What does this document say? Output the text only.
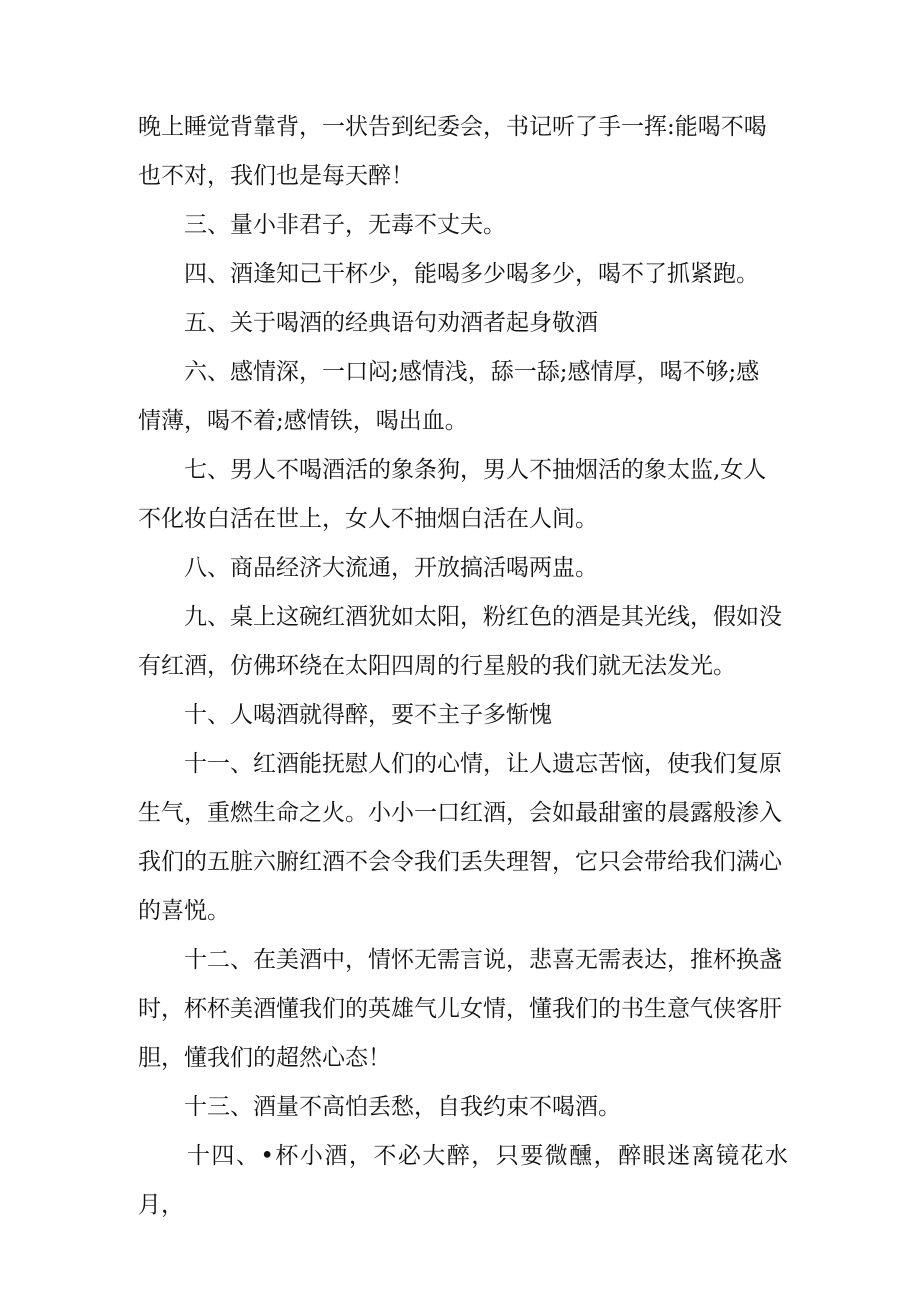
晚上睡觉背靠背，一状告到纪委会，书记听了手一挥:能喝不喝
也不对，我们也是每天醉！

　　三、量小非君子，无毒不丈夫。

　　四、酒逢知己干杯少，能喝多少喝多少，喝不了抓紧跑。

　　五、关于喝酒的经典语句劝酒者起身敬酒

　　六、感情深，一口闷;感情浅，舔一舔;感情厚，喝不够;感
情薄，喝不着;感情铁，喝出血。

　　七、男人不喝酒活的象条狗，男人不抽烟活的象太监,女人
不化妆白活在世上，女人不抽烟白活在人间。

　　八、商品经济大流通，开放搞活喝两盅。

　　九、桌上这碗红酒犹如太阳，粉红色的酒是其光线，假如没
有红酒，仿佛环绕在太阳四周的行星般的我们就无法发光。

　　十、人喝酒就得醉，要不主子多惭愧

　　十一、红酒能抚慰人们的心情，让人遗忘苦恼，使我们复原
生气，重燃生命之火。小小一口红酒，会如最甜蜜的晨露般渗入
我们的五脏六腑红酒不会令我们丢失理智，它只会带给我们满心
的喜悦。

　　十二、在美酒中，情怀无需言说，悲喜无需表达，推杯换盏
时，杯杯美酒懂我们的英雄气儿女情，懂我们的书生意气侠客肝
胆，懂我们的超然心态！

　　十三、酒量不高怕丢愁，自我约束不喝酒。

　　十四、•杯小酒，不必大醉，只要微醺，醉眼迷离镜花水月，
